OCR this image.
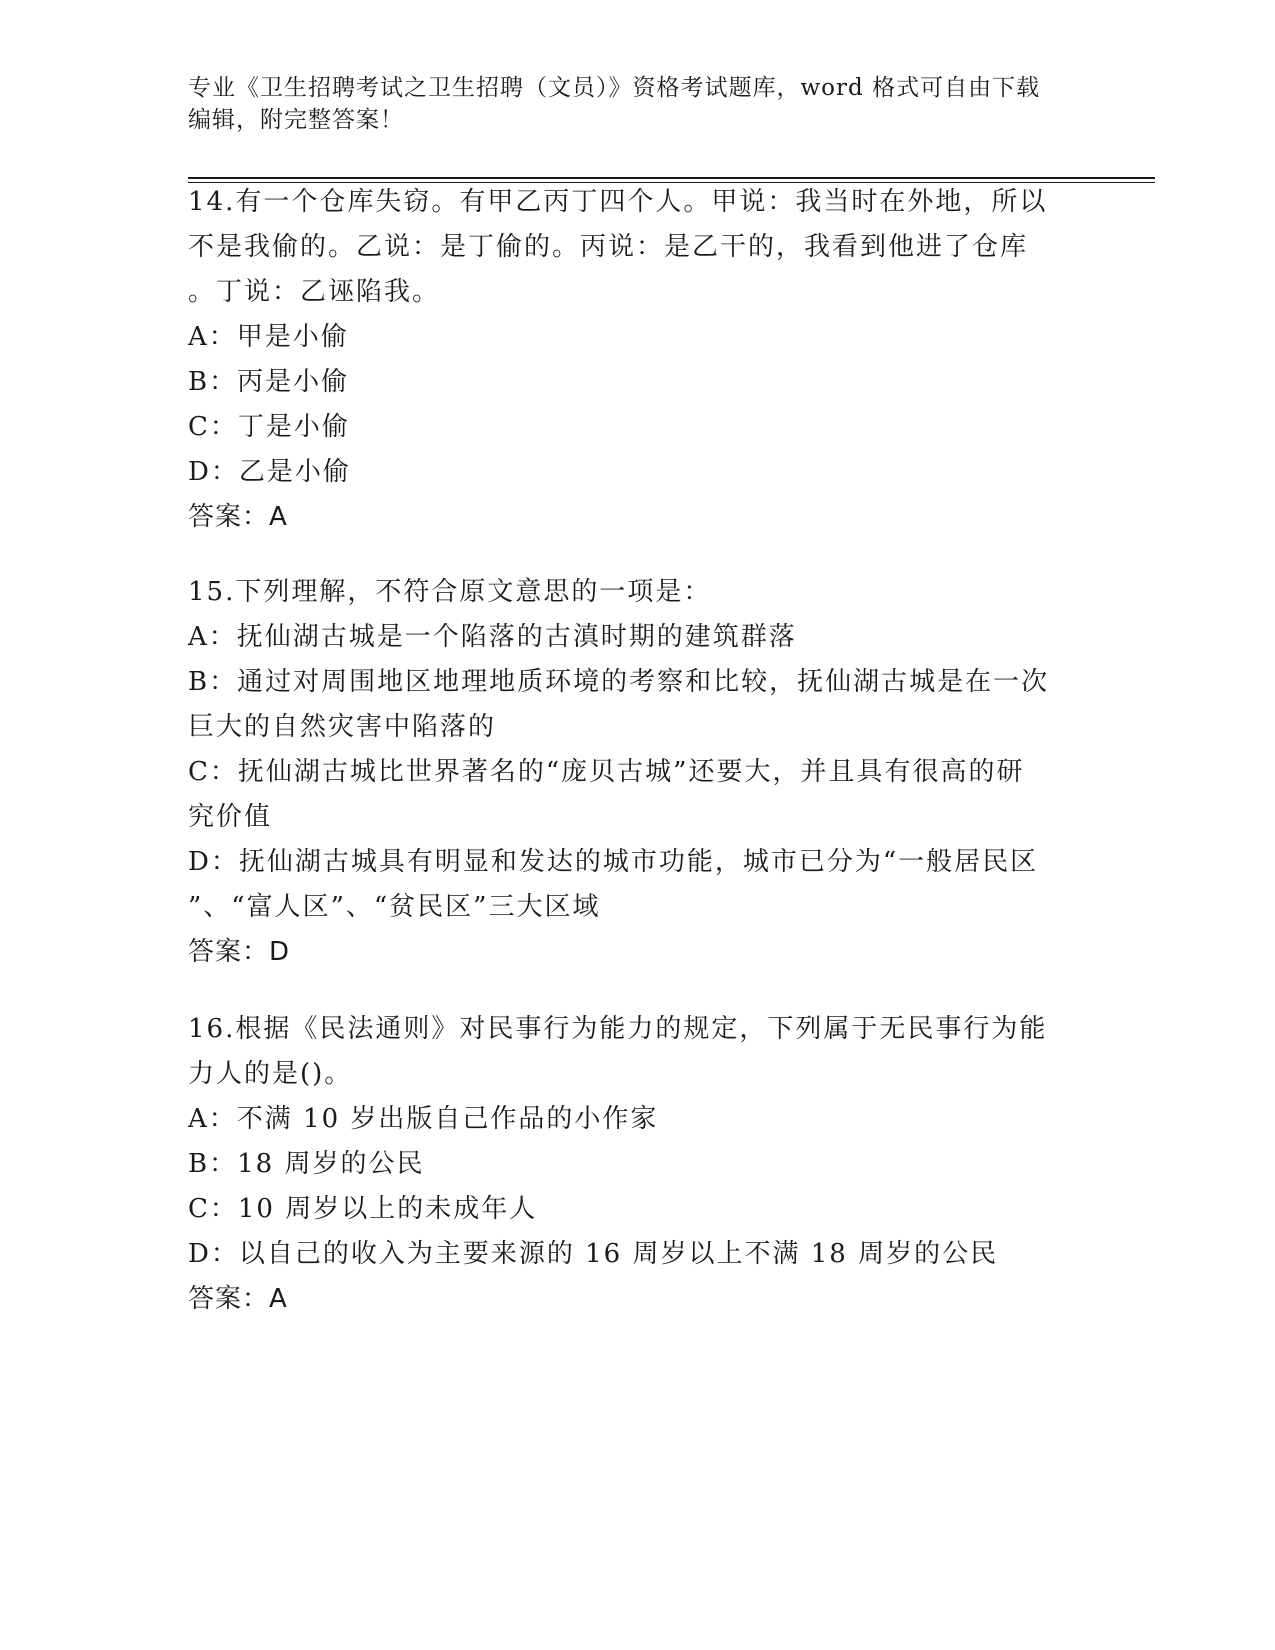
专业《卫生招聘考试之卫生招聘（文员）》资格考试题库，word 格式可自由下载
编辑，附完整答案！
14.有一个仓库失窃。有甲乙丙丁四个人。甲说：我当时在外地，所以
不是我偷的。乙说：是丁偷的。丙说：是乙干的，我看到他进了仓库
。丁说：乙诬陷我。
A：甲是小偷
B：丙是小偷
C：丁是小偷
D：乙是小偷
答案：A
15.下列理解，不符合原文意思的一项是：
A：抚仙湖古城是一个陷落的古滇时期的建筑群落
B：通过对周围地区地理地质环境的考察和比较，抚仙湖古城是在一次
巨大的自然灾害中陷落的
C：抚仙湖古城比世界著名的“庞贝古城”还要大，并且具有很高的研
究价值
D：抚仙湖古城具有明显和发达的城市功能，城市已分为“一般居民区
”、“富人区”、“贫民区”三大区域
答案：D
16.根据《民法通则》对民事行为能力的规定，下列属于无民事行为能
力人的是()。
A：不满 10 岁出版自己作品的小作家
B：18 周岁的公民
C：10 周岁以上的未成年人
D：以自己的收入为主要来源的 16 周岁以上不满 18 周岁的公民
答案：A
